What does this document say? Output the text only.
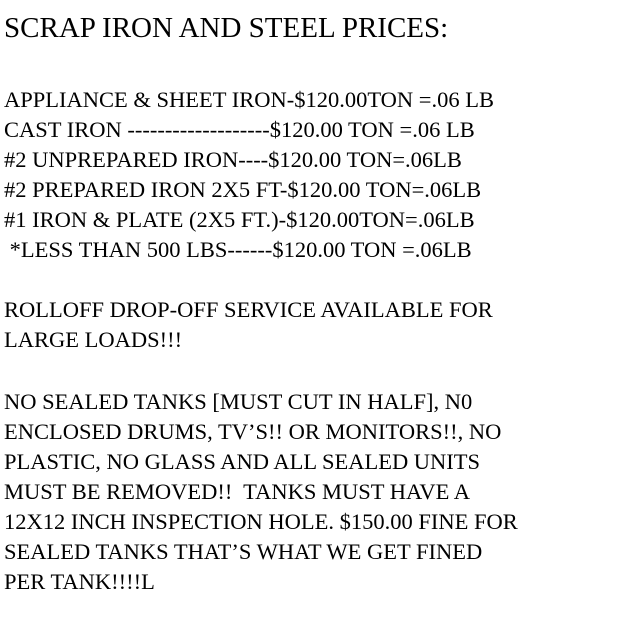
SCRAP IRON AND STEEL PRICES:
APPLIANCE & SHEET IRON-$120.00TON =.06 LB
CAST IRON -------------------$120.00 TON =.06 LB
#2 UNPREPARED IRON----$120.00 TON=.06LB
#2 PREPARED IRON 2X5 FT-$120.00 TON=.06LB
#1 IRON & PLATE (2X5 FT.)-$120.00TON=.06LB
*LESS THAN 500 LBS------$120.00 TON =.06LB

ROLLOFF DROP-OFF SERVICE AVAILABLE FOR
LARGE LOADS!!!

NO SEALED TANKS [MUST CUT IN HALF], N0
ENCLOSED DRUMS, TV’S!! OR MONITORS!!, NO
PLASTIC, NO GLASS AND ALL SEALED UNITS
MUST BE REMOVED!!  TANKS MUST HAVE A
12X12 INCH INSPECTION HOLE. $150.00 FINE FOR
SEALED TANKS THAT’S WHAT WE GET FINED
PER TANK!!!!L
